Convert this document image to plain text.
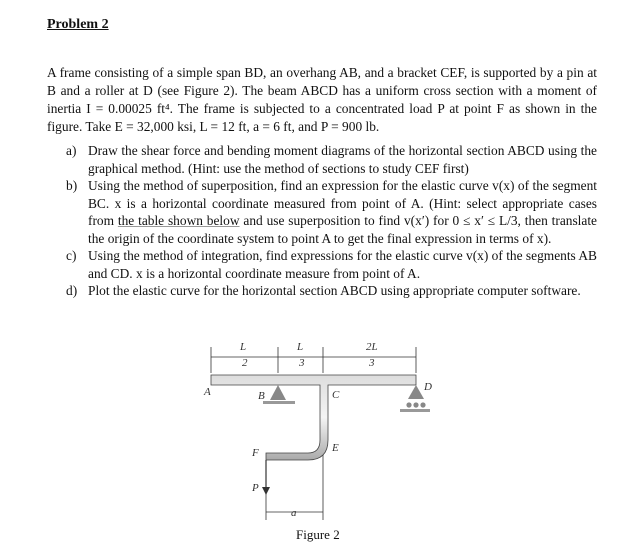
Problem 2
A frame consisting of a simple span BD, an overhang AB, and a bracket CEF, is supported by a pin at B and a roller at D (see Figure 2). The beam ABCD has a uniform cross section with a moment of inertia I = 0.00025 ft⁴. The frame is subjected to a concentrated load P at point F as shown in the figure. Take E = 32,000 ksi, L = 12 ft, a = 6 ft, and P = 900 lb.
a) Draw the shear force and bending moment diagrams of the horizontal section ABCD using the graphical method. (Hint: use the method of sections to study CEF first)
b) Using the method of superposition, find an expression for the elastic curve v(x) of the segment BC. x is a horizontal coordinate measured from point of A. (Hint: select appropriate cases from the table shown below and use superposition to find v(x′) for 0 ≤ x′ ≤ L/3, then translate the origin of the coordinate system to point A to get the final expression in terms of x).
c) Using the method of integration, find expressions for the elastic curve v(x) of the segments AB and CD. x is a horizontal coordinate measure from point of A.
d) Plot the elastic curve for the horizontal section ABCD using appropriate computer software.
L
2
L
3
2L
3
A	B	C
D
E
F
P
a
Figure 2
